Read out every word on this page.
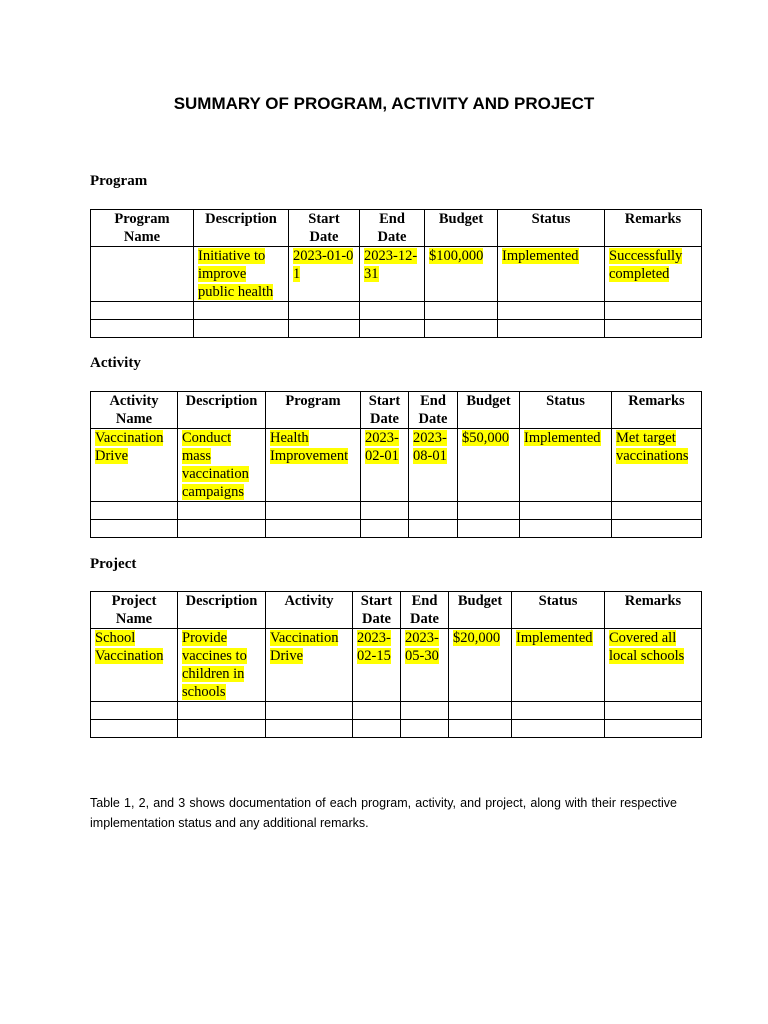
SUMMARY OF PROGRAM, ACTIVITY AND PROJECT
Program
Program Name	Description	Start Date	End Date	Budget	Status	Remarks
	Initiative to improve public health	2023-01-01	2023-12-31	$100,000	Implemented	Successfully completed

Activity
Activity Name	Description	Program	Start Date	End Date	Budget	Status	Remarks
Vaccination Drive	Conduct mass vaccination campaigns	Health Improvement	2023-02-01	2023-08-01	$50,000	Implemented	Met target vaccinations

Project
Project Name	Description	Activity	Start Date	End Date	Budget	Status	Remarks
School Vaccination	Provide vaccines to children in schools	Vaccination Drive	2023-02-15	2023-05-30	$20,000	Implemented	Covered all local schools

Table 1, 2, and 3 shows documentation of each program, activity, and project, along with their respective implementation status and any additional remarks.
